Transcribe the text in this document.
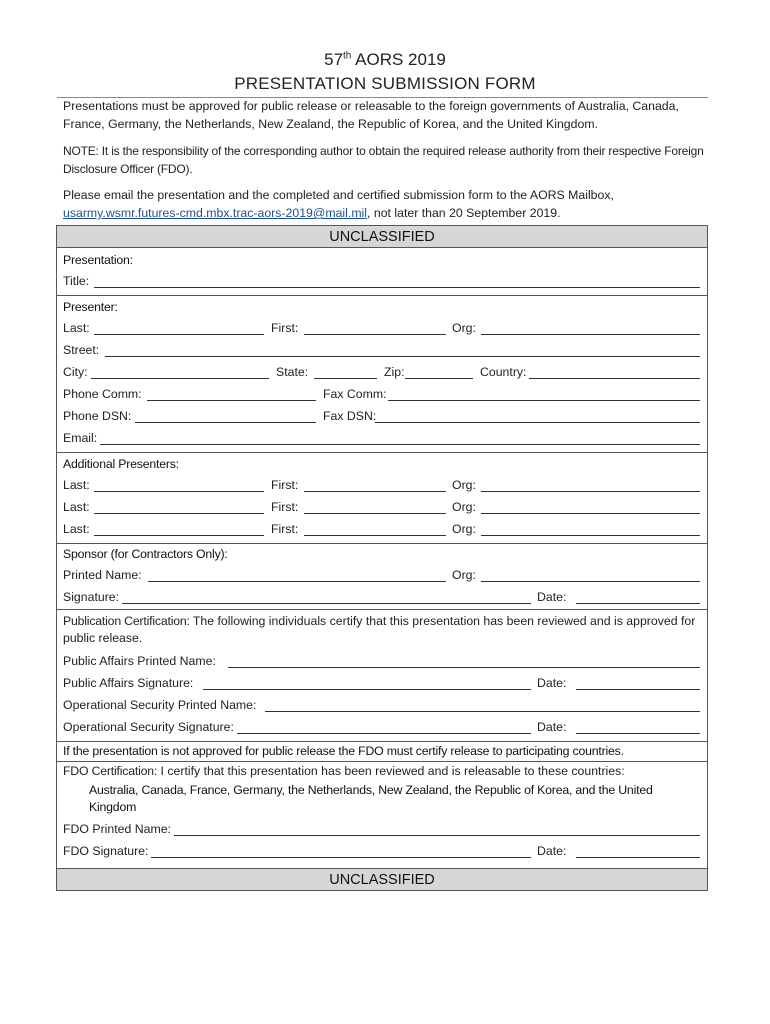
57th AORS 2019
PRESENTATION SUBMISSION FORM
Presentations must be approved for public release or releasable to the foreign governments of Australia, Canada, France, Germany, the Netherlands, New Zealand, the Republic of Korea, and the United Kingdom.
NOTE: It is the responsibility of the corresponding author to obtain the required release authority from their respective Foreign Disclosure Officer (FDO).
Please email the presentation and the completed and certified submission form to the AORS Mailbox,
usarmy.wsmr.futures-cmd.mbx.trac-aors-2019@mail.mil, not later than 20 September 2019.
UNCLASSIFIED
Presentation:
Title:
Presenter:
Last:	First:	Org:
Street:
City:	State:	Zip:	Country:
Phone Comm:	Fax Comm:
Phone DSN:	Fax DSN:
Email:
Additional Presenters:
Last:	First:	Org:
Last:	First:	Org:
Last:	First:	Org:
Sponsor (for Contractors Only):
Printed Name:	Org:
Signature:	Date:
Publication Certification: The following individuals certify that this presentation has been reviewed and is approved for public release.
Public Affairs Printed Name:
Public Affairs Signature:	Date:
Operational Security Printed Name:
Operational Security Signature:	Date:
If the presentation is not approved for public release the FDO must certify release to participating countries.
FDO Certification: I certify that this presentation has been reviewed and is releasable to these countries:
Australia, Canada, France, Germany, the Netherlands, New Zealand, the Republic of Korea, and the United Kingdom
FDO Printed Name:
FDO Signature:	Date:
UNCLASSIFIED
